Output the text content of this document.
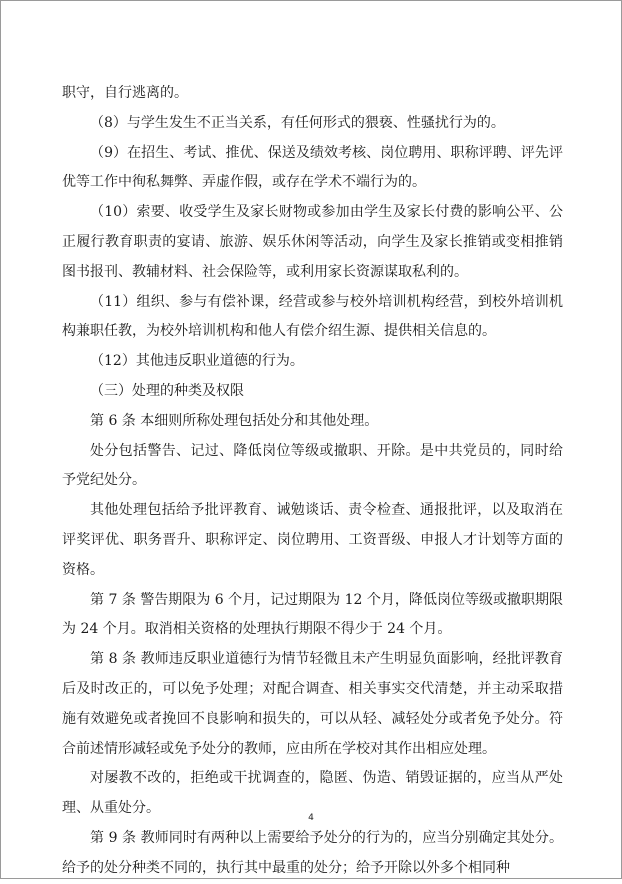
职守，自行逃离的。

（8）与学生发生不正当关系，有任何形式的猥亵、性骚扰行为的。

（9）在招生、考试、推优、保送及绩效考核、岗位聘用、职称评聘、评先评优等工作中徇私舞弊、弄虚作假，或存在学术不端行为的。

（10）索要、收受学生及家长财物或参加由学生及家长付费的影响公平、公正履行教育职责的宴请、旅游、娱乐休闲等活动，向学生及家长推销或变相推销图书报刊、教辅材料、社会保险等，或利用家长资源谋取私利的。

（11）组织、参与有偿补课，经营或参与校外培训机构经营，到校外培训机构兼职任教，为校外培训机构和他人有偿介绍生源、提供相关信息的。

（12）其他违反职业道德的行为。

（三）处理的种类及权限

第 6 条 本细则所称处理包括处分和其他处理。

处分包括警告、记过、降低岗位等级或撤职、开除。是中共党员的，同时给予党纪处分。

其他处理包括给予批评教育、诫勉谈话、责令检查、通报批评，以及取消在评奖评优、职务晋升、职称评定、岗位聘用、工资晋级、申报人才计划等方面的资格。

第 7 条 警告期限为 6 个月，记过期限为 12 个月，降低岗位等级或撤职期限为 24 个月。取消相关资格的处理执行期限不得少于 24 个月。

第 8 条 教师违反职业道德行为情节轻微且未产生明显负面影响，经批评教育后及时改正的，可以免予处理；对配合调查、相关事实交代清楚，并主动采取措施有效避免或者挽回不良影响和损失的，可以从轻、减轻处分或者免予处分。符合前述情形减轻或免予处分的教师，应由所在学校对其作出相应处理。

对屡教不改的，拒绝或干扰调查的，隐匿、伪造、销毁证据的，应当从严处理、从重处分。

第 9 条 教师同时有两种以上需要给予处分的行为的，应当分别确定其处分。给予的处分种类不同的，执行其中最重的处分；给予开除以外多个相同种

4
